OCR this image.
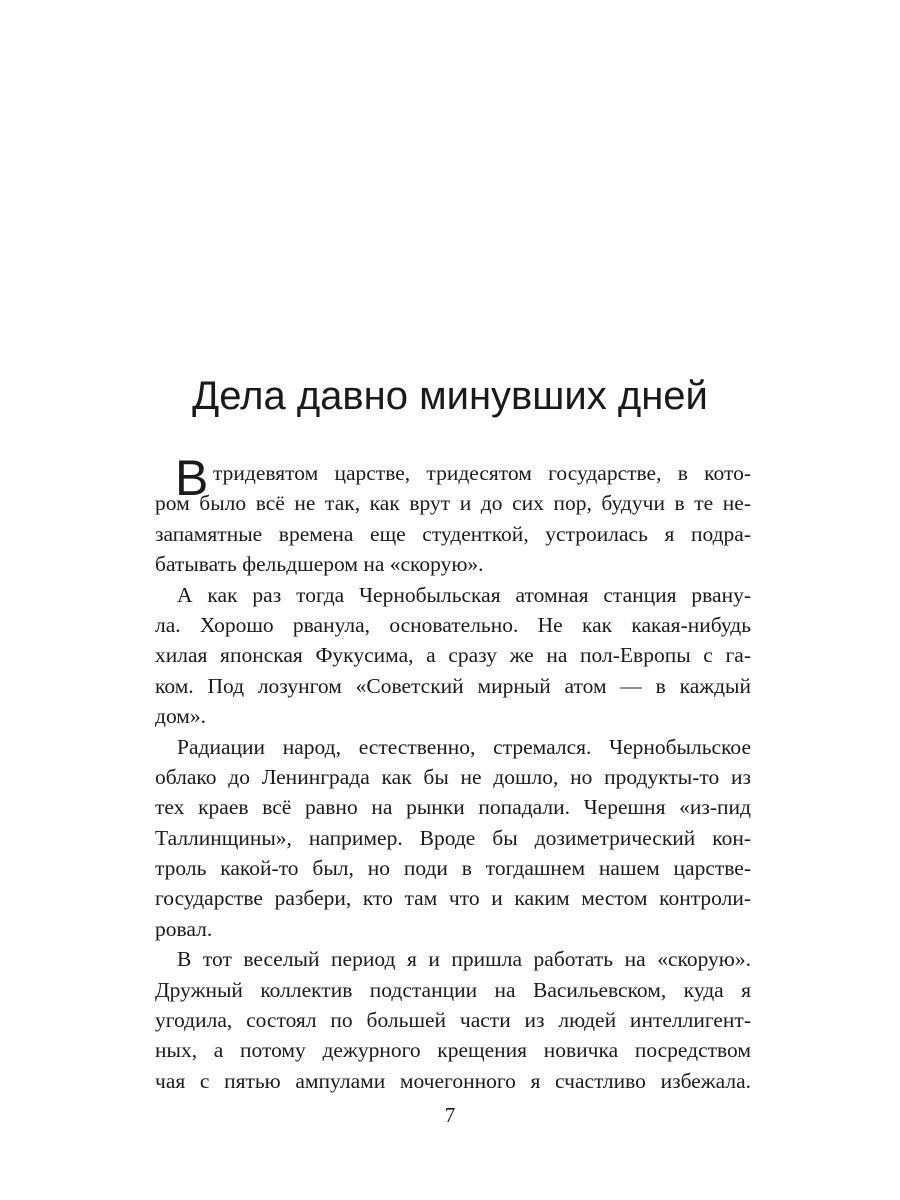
Дела давно минувших дней
В тридевятом царстве, тридесятом государстве, в кото-
ром было всё не так, как врут и до сих пор, будучи в те не-
запамятные времена еще студенткой, устроилась я подра-
батывать фельдшером на «скорую».
А как раз тогда Чернобыльская атомная станция рвану-
ла. Хорошо рванула, основательно. Не как какая-нибудь
хилая японская Фукусима, а сразу же на пол-Европы с га-
ком. Под лозунгом «Советский мирный атом — в каждый
дом».
Радиации народ, естественно, стремался. Чернобыльское
облако до Ленинграда как бы не дошло, но продукты-то из
тех краев всё равно на рынки попадали. Черешня «из-пид
Таллинщины», например. Вроде бы дозиметрический кон-
троль какой-то был, но поди в тогдашнем нашем царстве-
государстве разбери, кто там что и каким местом контроли-
ровал.
В тот веселый период я и пришла работать на «скорую».
Дружный коллектив подстанции на Васильевском, куда я
угодила, состоял по большей части из людей интеллигент-
ных, а потому дежурного крещения новичка посредством
чая с пятью ампулами мочегонного я счастливо избежала.
7
